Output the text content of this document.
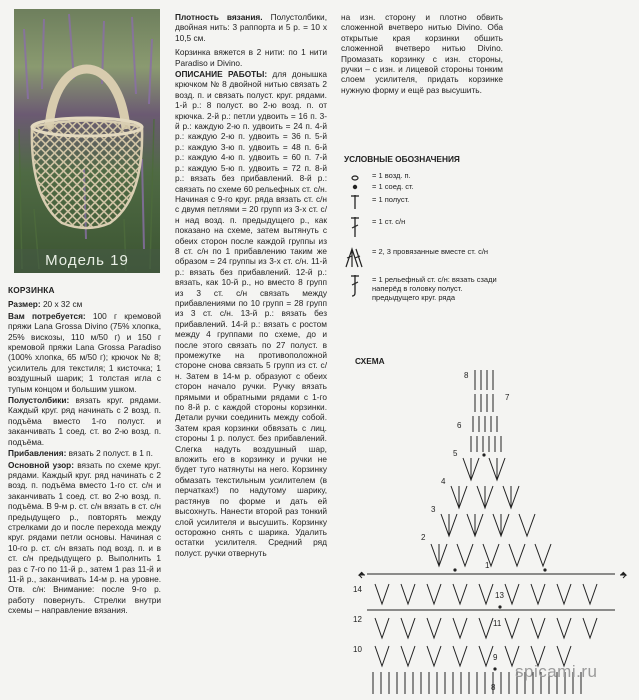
Модель 19

КОРЗИНКА

Размер: 20 х 32 см

Вам потребуется: 100 г кремовой пряжи Lana Grossa Divino (75% хлопка, 25% вискозы, 110 м/50 г) и 150 г кремовой пряжи Lana Grossa Paradiso (100% хлопка, 65 м/50 г); крючок № 8; усилитель для текстиля; 1 кисточка; 1 воздушный шарик; 1 толстая игла с тупым концом и большим ушком.

Полустолбики: вязать круг. рядами. Каждый круг. ряд начинать с 2 возд. п. подъёма вместо 1-го полуст. и заканчивать 1 соед. ст. во 2-ю возд. п. подъёма.

Прибавления: вязать 2 полуст. в 1 п.

Основной узор: вязать по схеме круг. рядами. Каждый круг. ряд начинать с 2 возд. п. подъёма вместо 1-го ст. с/н и заканчивать 1 соед. ст. во 2-ю возд. п. подъёма. В 9-м р. ст. с/н вязать в ст. с/н предыдущего р., повторять между стрелками до и после перехода между круг. рядами петли основы. Начиная с 10-го р. ст. с/н вязать под возд. п. и в ст. с/н предыдущего р. Выполнить 1 раз с 7-го по 11-й р., затем 1 раз 11-й и 11-й р., заканчивать 14-м р. на уровне. Отв. с/н: Внимание: после 9-го р. работу повернуть. Стрелки внутри схемы – направление вязания.

Плотность вязания. Полустолбики, двойная нить: 3 раппорта и 5 р. = 10 х 10,5 см.

Корзинка вяжется в 2 нити: по 1 нити Paradiso и Divino.

ОПИСАНИЕ РАБОТЫ: для донышка крючком № 8 двойной нитью связать 2 возд. п. и связать полуст. круг. рядами. 1-й р.: 8 полуст. во 2-ю возд. п. от крючка. 2-й р.: петли удвоить = 16 п. 3-й р.: каждую 2-ю п. удвоить = 24 п. 4-й р.: каждую 2-ю п. удвоить = 36 п. 5-й р.: каждую 3-ю п. удвоить = 48 п. 6-й р.: каждую 4-ю п. удвоить = 60 п. 7-й р.: каждую 5-ю п. удвоить = 72 п. 8-й р.: вязать без прибавлений. 8-й р.: связать по схеме 60 рельефных ст. с/н. Начиная с 9-го круг. ряда вязать ст. с/н с двумя петлями = 20 групп из 3-х ст. с/н над возд. п. предыдущего р., как показано на схеме, затем вытянуть с обеих сторон после каждой группы из 8 ст. с/н по 1 прибавлению таким же образом = 24 группы из 3-х ст. с/н. 11-й р.: вязать без прибавлений. 12-й р.: вязать, как 10-й р., но вместо 8 групп из 3 ст. с/н связать между прибавлениями по 10 групп = 28 групп из 3 ст. с/н. 13-й р.: вязать без прибавлений. 14-й р.: вязать с ростом между 4 группами по схеме, до и после этого связать по 27 полуст. в промежутке на противоположной стороне снова связать 5 групп из ст. с/н. Затем в 14-м р. образуют с обеих сторон начало ручки. Ручку вязать прямыми и обратными рядами с 1-го по 8-й р. с каждой стороны корзинки. Детали ручки соединить между собой. Затем края корзинки обвязать с лиц. стороны 1 р. полуст. без прибавлений. Слегка надуть воздушный шар, вложить его в корзинку и ручки не будет туго натянуты на него. Корзинку обмазать текстильным усилителем (в перчатках!) по надутому шарику, растянув по форме и дать ей высохнуть. Нанести второй раз тонкий слой усилителя и высушить. Корзинку осторожно снять с шарика. Удалить остатки усилителя. Средний ряд полуст. ручки отвернуть

на изн. сторону и плотно обвить сложенной вчетверо нитью Divino. Оба открытые края корзинки обшить сложенной вчетверо нитью Divino. Промазать корзинку с изн. стороны, ручки – с изн. и лицевой стороны тонким слоем усилителя, придать корзинке нужную форму и ещё раз высушить.

УСЛОВНЫЕ ОБОЗНАЧЕНИЯ
= 1 возд. п.
= 1 соед. ст.
= 1 полуст.
= 1 ст. с/н
= 2, 3 провязанные вместе ст. с/н
= 1 рельефный ст. с/н: вязать сзади наперёд в головку полуст. предыдущего круг. ряда
СХЕМА
8
7
6
5
4
3
2
1
14
13
12	11
10
9
8
spicami.ru
